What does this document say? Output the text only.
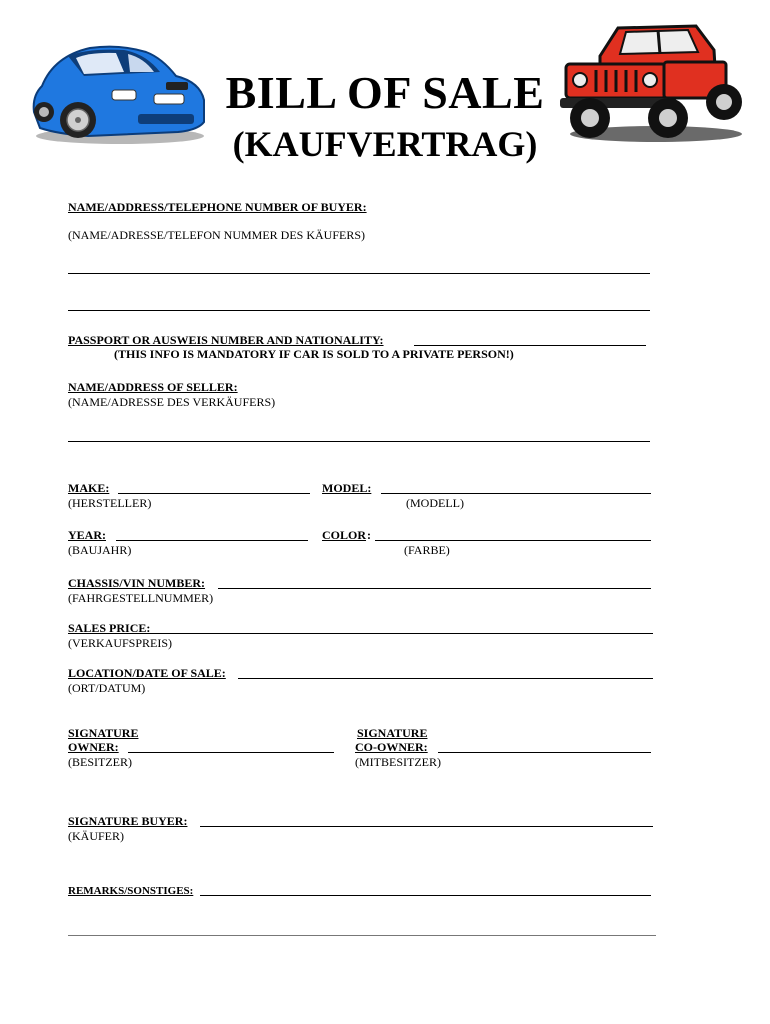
BILL OF SALE
(KAUFVERTRAG)
NAME/ADDRESS/TELEPHONE NUMBER OF BUYER:
(NAME/ADRESSE/TELEFON NUMMER DES KÄUFERS)
PASSPORT OR AUSWEIS NUMBER AND NATIONALITY:
(THIS INFO IS MANDATORY IF CAR IS SOLD TO A PRIVATE PERSON!)
NAME/ADDRESS OF SELLER:
(NAME/ADRESSE DES VERKÄUFERS)
MAKE:
(HERSTELLER)
MODEL:
(MODELL)
YEAR:
(BAUJAHR)
COLOR :
(FARBE)
CHASSIS/VIN NUMBER:
(FAHRGESTELLNUMMER)
SALES PRICE:
(VERKAUFSPREIS)
LOCATION/DATE OF SALE:
(ORT/DATUM)
SIGNATURE
OWNER:
(BESITZER)
SIGNATURE
CO-OWNER:
(MITBESITZER)
SIGNATURE BUYER:
(KÄUFER)
REMARKS/SONSTIGES:
